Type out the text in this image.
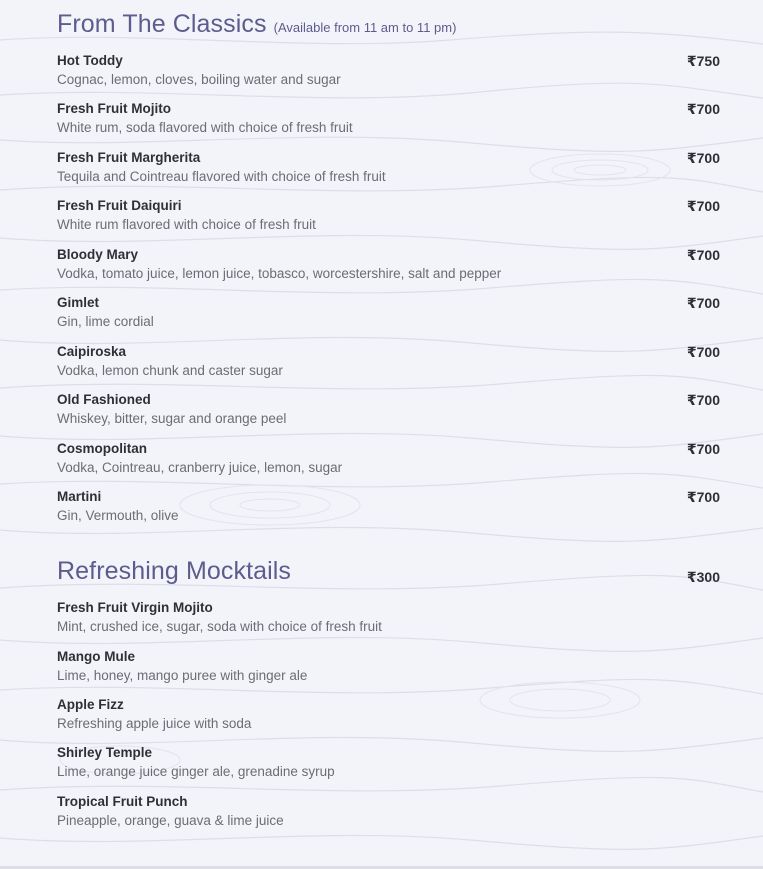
From The Classics (Available from 11 am to 11 pm)
Hot Toddy	₹750
Cognac, lemon, cloves, boiling water and sugar
Fresh Fruit Mojito	₹700
White rum, soda flavored with choice of fresh fruit
Fresh Fruit Margherita	₹700
Tequila and Cointreau flavored with choice of fresh fruit
Fresh Fruit Daiquiri	₹700
White rum flavored with choice of fresh fruit
Bloody Mary	₹700
Vodka, tomato juice, lemon juice, tobasco, worcestershire, salt and pepper
Gimlet	₹700
Gin, lime cordial
Caipiroska	₹700
Vodka, lemon chunk and caster sugar
Old Fashioned	₹700
Whiskey, bitter, sugar and orange peel
Cosmopolitan	₹700
Vodka, Cointreau, cranberry juice, lemon, sugar
Martini	₹700
Gin, Vermouth, olive
Refreshing Mocktails	₹300
Fresh Fruit Virgin Mojito
Mint, crushed ice, sugar, soda with choice of fresh fruit
Mango Mule
Lime, honey, mango puree with ginger ale
Apple Fizz
Refreshing apple juice with soda
Shirley Temple
Lime, orange juice ginger ale, grenadine syrup
Tropical Fruit Punch
Pineapple, orange, guava & lime juice
